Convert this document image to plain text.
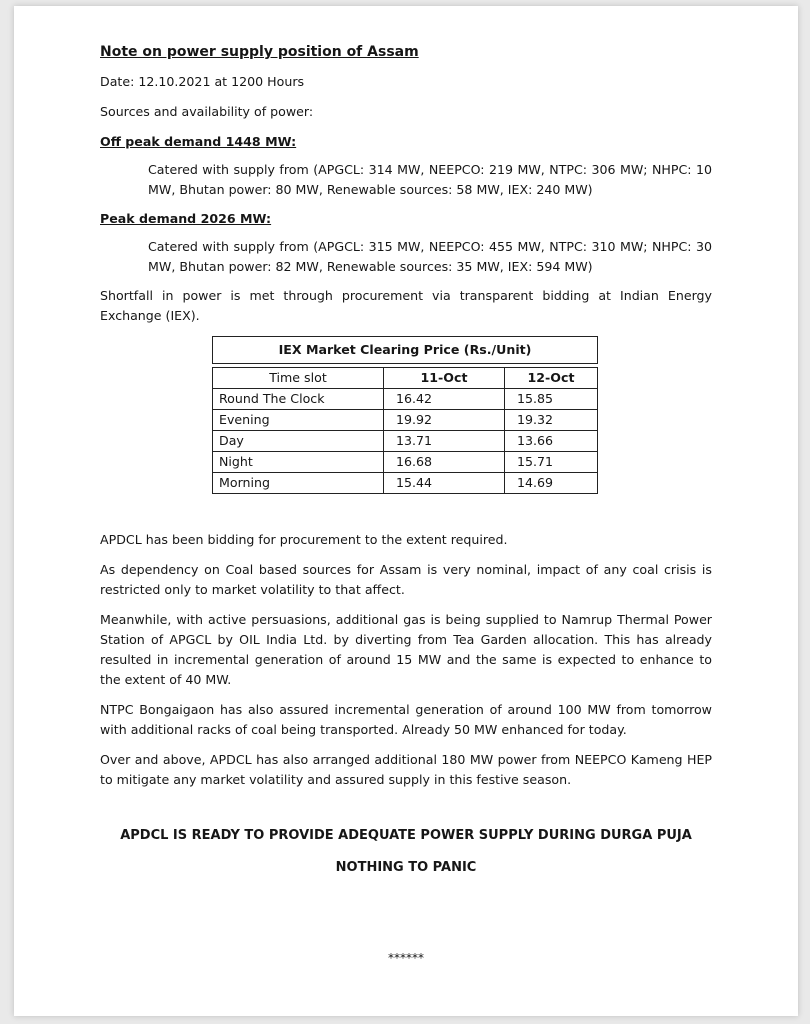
Note on power supply position of Assam

Date: 12.10.2021 at 1200 Hours

Sources and availability of power:

Off peak demand 1448 MW:

Catered with supply from (APGCL: 314 MW, NEEPCO: 219 MW, NTPC: 306 MW; NHPC: 10 MW, Bhutan power: 80 MW, Renewable sources: 58 MW, IEX: 240 MW)

Peak demand 2026 MW:

Catered with supply from (APGCL: 315 MW, NEEPCO: 455 MW, NTPC: 310 MW; NHPC: 30 MW, Bhutan power: 82 MW, Renewable sources: 35 MW, IEX: 594 MW)

Shortfall in power is met through procurement via transparent bidding at Indian Energy Exchange (IEX).

IEX Market Clearing Price (Rs./Unit)
Time slot	11-Oct	12-Oct
Round The Clock	16.42	15.85
Evening	19.92	19.32
Day	13.71	13.66
Night	16.68	15.71
Morning	15.44	14.69

APDCL has been bidding for procurement to the extent required.

As dependency on Coal based sources for Assam is very nominal, impact of any coal crisis is restricted only to market volatility to that affect.

Meanwhile, with active persuasions, additional gas is being supplied to Namrup Thermal Power Station of APGCL by OIL India Ltd. by diverting from Tea Garden allocation. This has already resulted in incremental generation of around 15 MW and the same is expected to enhance to the extent of 40 MW.

NTPC Bongaigaon has also assured incremental generation of around 100 MW from tomorrow with additional racks of coal being transported. Already 50 MW enhanced for today.

Over and above, APDCL has also arranged additional 180 MW power from NEEPCO Kameng HEP to mitigate any market volatility and assured supply in this festive season.

APDCL IS READY TO PROVIDE ADEQUATE POWER SUPPLY DURING DURGA PUJA

NOTHING TO PANIC

******
